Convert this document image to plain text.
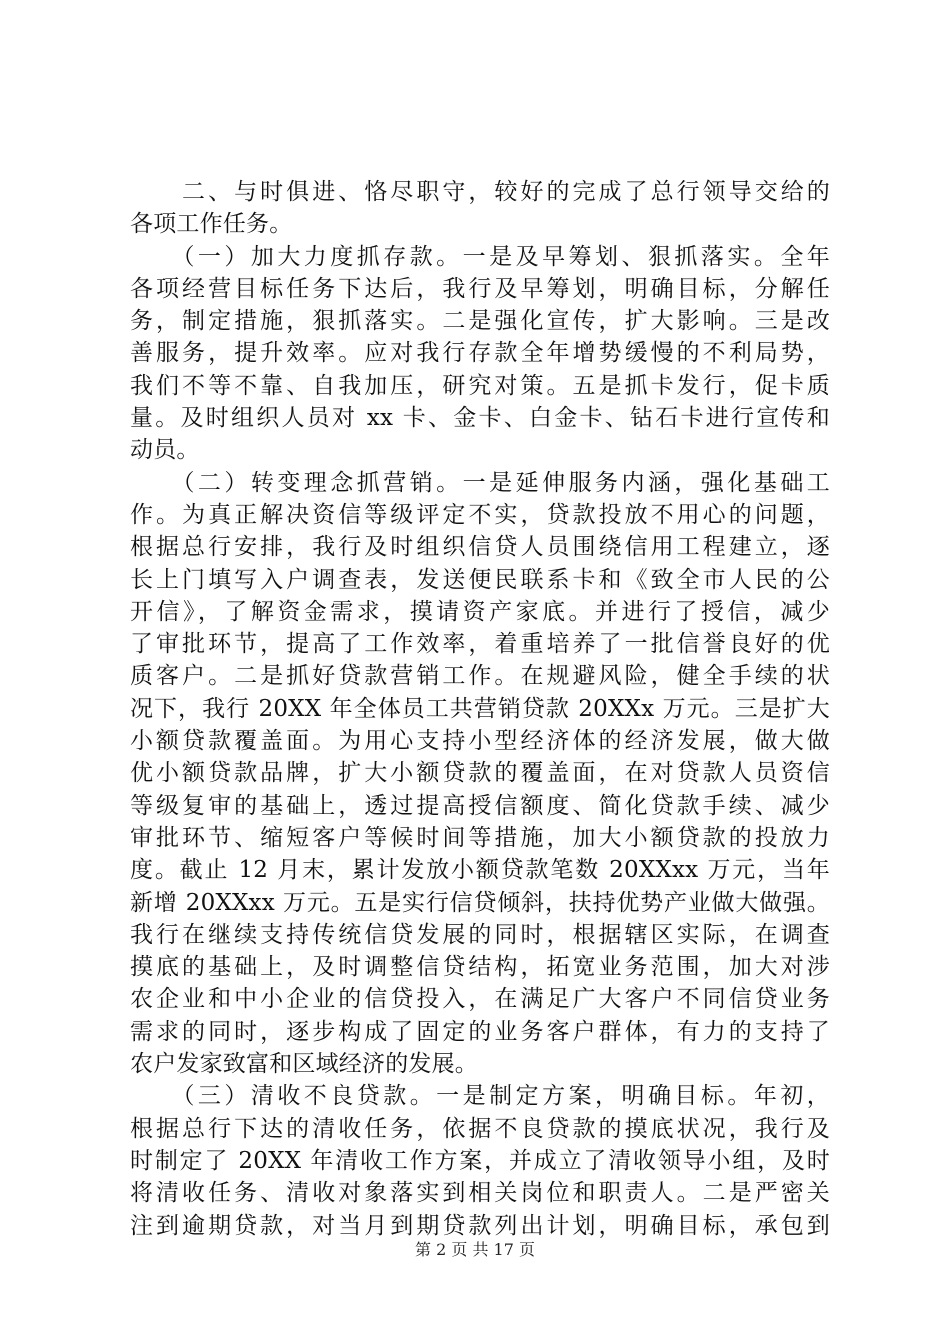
　　二、与时俱进、恪尽职守，较好的完成了总行领导交给的
各项工作任务。
　　（一）加大力度抓存款。一是及早筹划、狠抓落实。全年
各项经营目标任务下达后，我行及早筹划，明确目标，分解任
务，制定措施，狠抓落实。二是强化宣传，扩大影响。三是改
善服务，提升效率。应对我行存款全年增势缓慢的不利局势，
我们不等不靠、自我加压，研究对策。五是抓卡发行，促卡质
量。及时组织人员对 xx 卡、金卡、白金卡、钻石卡进行宣传和
动员。
　　（二）转变理念抓营销。一是延伸服务内涵，强化基础工
作。为真正解决资信等级评定不实，贷款投放不用心的问题，
根据总行安排，我行及时组织信贷人员围绕信用工程建立，逐
长上门填写入户调查表，发送便民联系卡和《致全市人民的公
开信》，了解资金需求，摸请资产家底。并进行了授信，减少
了审批环节，提高了工作效率，着重培养了一批信誉良好的优
质客户。二是抓好贷款营销工作。在规避风险，健全手续的状
况下，我行 20XX 年全体员工共营销贷款 20XXx 万元。三是扩大
小额贷款覆盖面。为用心支持小型经济体的经济发展，做大做
优小额贷款品牌，扩大小额贷款的覆盖面，在对贷款人员资信
等级复审的基础上，透过提高授信额度、简化贷款手续、减少
审批环节、缩短客户等候时间等措施，加大小额贷款的投放力
度。截止 12 月末，累计发放小额贷款笔数 20XXxx 万元，当年
新增 20XXxx 万元。五是实行信贷倾斜，扶持优势产业做大做强。
我行在继续支持传统信贷发展的同时，根据辖区实际，在调查
摸底的基础上，及时调整信贷结构，拓宽业务范围，加大对涉
农企业和中小企业的信贷投入，在满足广大客户不同信贷业务
需求的同时，逐步构成了固定的业务客户群体，有力的支持了
农户发家致富和区域经济的发展。
　　（三）清收不良贷款。一是制定方案，明确目标。年初，
根据总行下达的清收任务，依据不良贷款的摸底状况，我行及
时制定了 20XX 年清收工作方案，并成立了清收领导小组，及时
将清收任务、清收对象落实到相关岗位和职责人。二是严密关
注到逾期贷款，对当月到期贷款列出计划，明确目标，承包到
第 2 页 共 17 页
